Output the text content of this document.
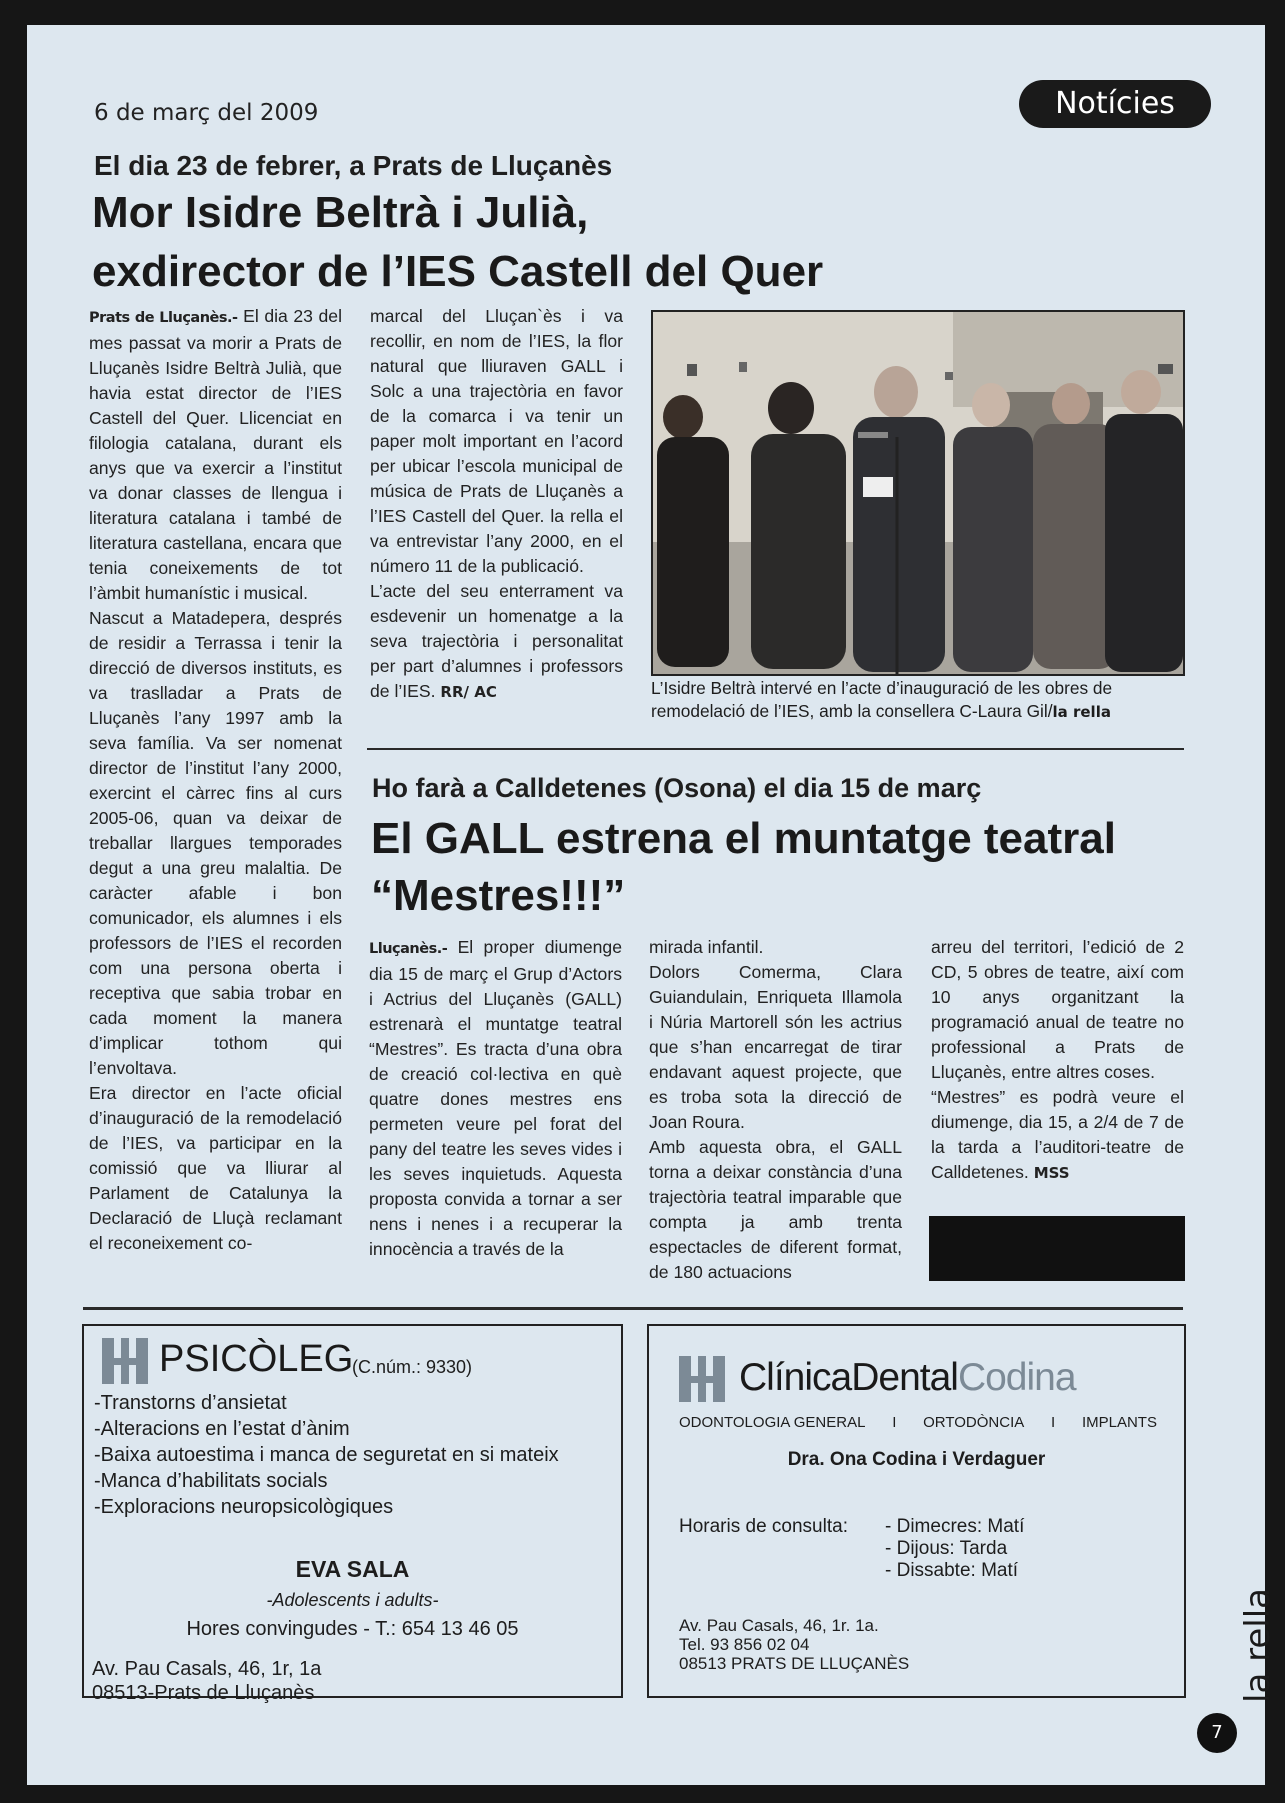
6 de març del 2009	Notícies
El dia 23 de febrer, a Prats de Lluçanès
Mor Isidre Beltrà i Julià,
exdirector de l’IES Castell del Quer

Prats de Lluçanès.- El dia 23 del mes passat va morir a Prats de Lluçanès Isidre Beltrà Julià, que havia estat director de l’IES Castell del Quer. Llicenciat en filologia catalana, durant els anys que va exercir a l’institut va donar classes de llengua i literatura catalana i també de literatura castellana, encara que tenia coneixements de tot l’àmbit humanístic i musical.

Nascut a Matadepera, després de residir a Terrassa i tenir la direcció de diversos instituts, es va traslladar a Prats de Lluçanès l’any 1997 amb la seva família. Va ser nomenat director de l’institut l’any 2000, exercint el càrrec fins al curs 2005-06, quan va deixar de treballar llargues temporades degut a una greu malaltia. De caràcter afable i bon comunicador, els alumnes i els professors de l’IES el recorden com una persona oberta i receptiva que sabia trobar en cada moment la manera d’implicar tothom qui l’envoltava.

Era director en l’acte oficial d’inauguració de la remodelació de l’IES, va participar en la comissió que va lliurar al Parlament de Catalunya la Declaració de Lluçà reclamant el reconeixement co-

marcal del Lluçan`ès i va recollir, en nom de l’IES, la flor natural que lliuraven GALL i Solc a una trajectòria en favor de la comarca i va tenir un paper molt important en l’acord per ubicar l’escola municipal de música de Prats de Lluçanès a l’IES Castell del Quer. la rella el va entrevistar l’any 2000, en el número 11 de la publicació.

L’acte del seu enterrament va esdevenir un homenatge a la seva trajectòria i personalitat per part d’alumnes i professors de l’IES. RR/ AC	L’Isidre Beltrà intervé en l’acte d’inauguració de les obres de remodelació de l’IES, amb la consellera C-Laura Gil/la rella
Ho farà a Calldetenes (Osona) el dia 15 de març
El GALL estrena el muntatge teatral
“Mestres!!!”

Lluçanès.- El proper diumenge dia 15 de març el Grup d’Actors i Actrius del Lluçanès (GALL) estrenarà el muntatge teatral “Mestres”. Es tracta d’una obra de creació col·lectiva en què quatre dones mestres ens permeten veure pel forat del pany del teatre les seves vides i les seves inquietuds. Aquesta proposta convida a tornar a ser nens i nenes i a recuperar la innocència a través de la

mirada infantil.

Dolors Comerma, Clara Guiandulain, Enriqueta Illamola i Núria Martorell són les actrius que s’han encarregat de tirar endavant aquest projecte, que es troba sota la direcció de Joan Roura.

Amb aquesta obra, el GALL torna a deixar constància d’una trajectòria teatral imparable que compta ja amb trenta espectacles de diferent format, de 180 actuacions

arreu del territori, l’edició de 2 CD, 5 obres de teatre, així com 10 anys organitzant la programació anual de teatre no professional a Prats de Lluçanès, entre altres coses.

“Mestres” es podrà veure el diumenge, dia 15, a 2/4 de 7 de la tarda a l’auditori-teatre de Calldetenes. MSS

PSICÒLEG
(C.núm.: 9330)
-Transtorns d’ansietat
-Alteracions en l’estat d’ànim
-Baixa autoestima i manca de seguretat en si mateix
-Manca d’habilitats socials
-Exploracions neuropsicològiques
EVA SALA
-Adolescents i adults-
Hores convingudes - T.: 654 13 46 05
Av. Pau Casals, 46, 1r, 1a
08513-Prats de Lluçanès
ClínicaDentalCodina
ODONTOLOGIA GENERAL I ORTODÒNCIA I IMPLANTS
Dra. Ona Codina i Verdaguer
Horaris de consulta: - Dimecres: Matí
- Dijous: Tarda
- Dissabte: Matí
Av. Pau Casals, 46, 1r. 1a.
Tel. 93 856 02 04
08513 PRATS DE LLUÇANÈS	la rella
7
